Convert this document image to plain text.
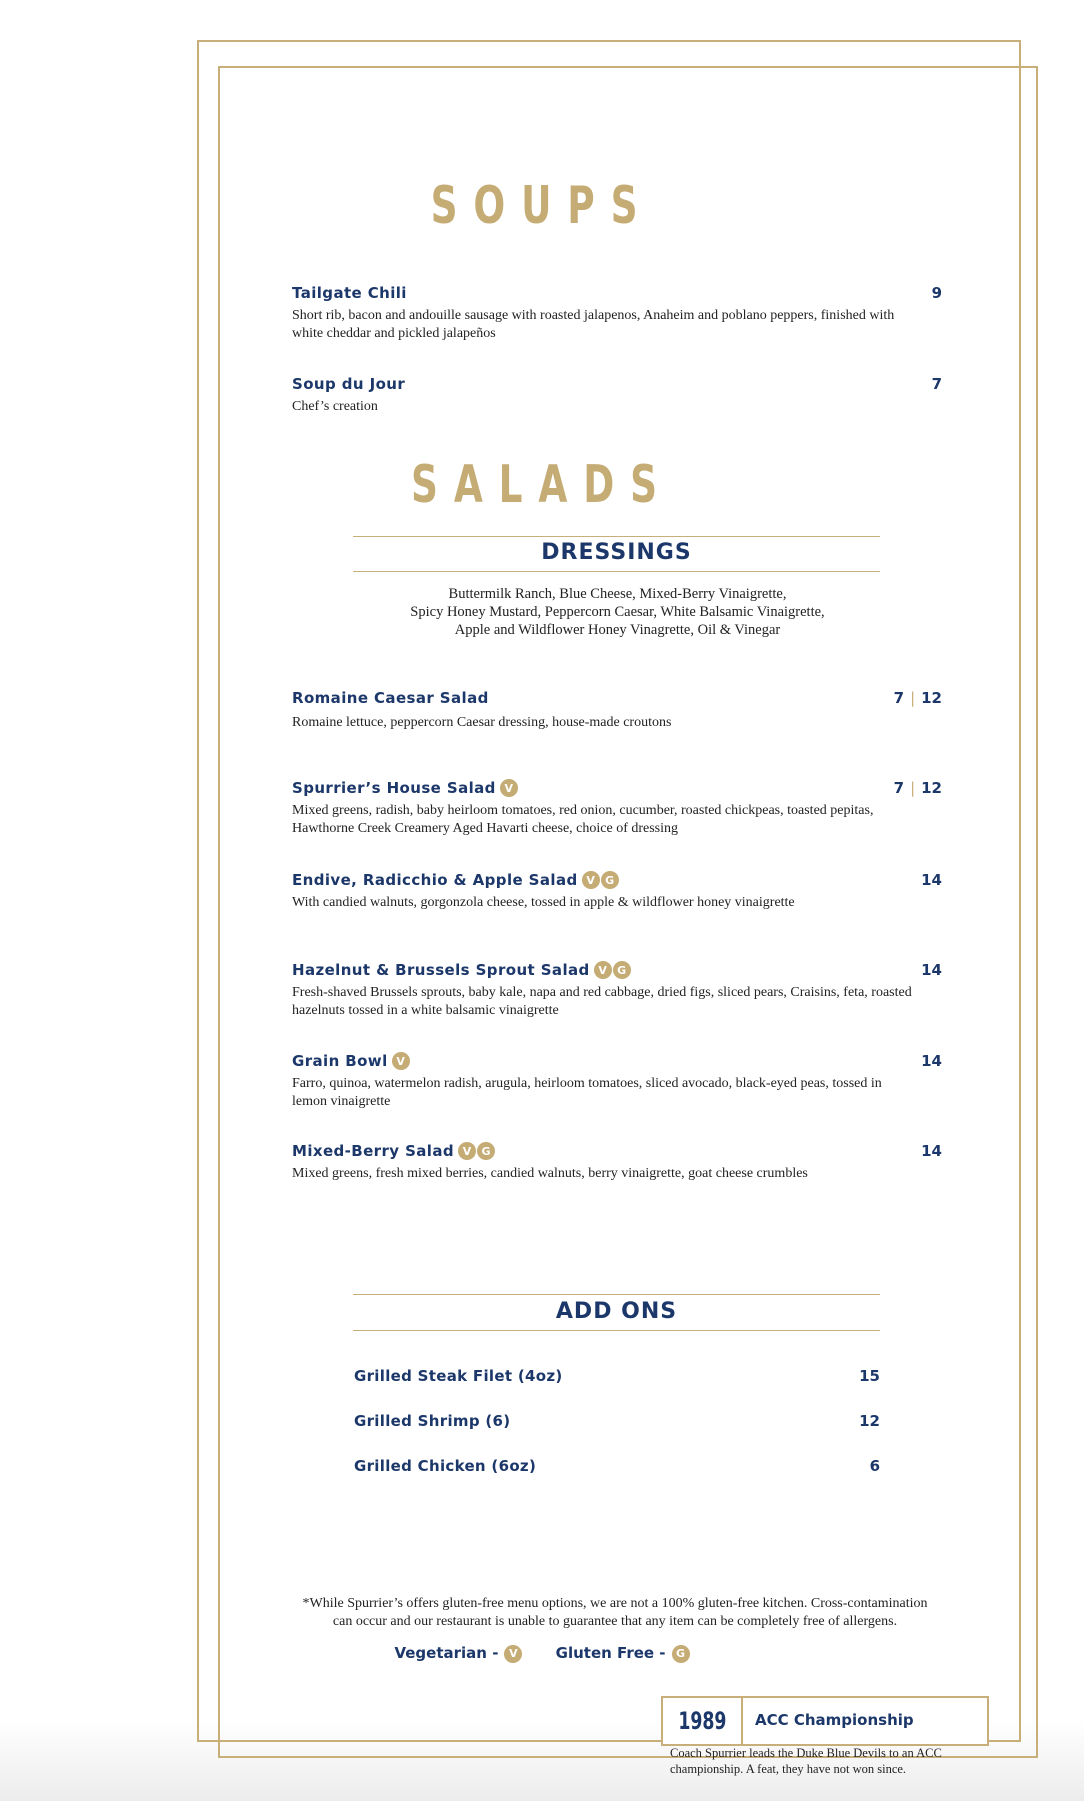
SOUPS
Tailgate Chili	9
Short rib, bacon and andouille sausage with roasted jalapenos, Anaheim and poblano peppers, finished with white cheddar and pickled jalapeños
Soup du Jour	7
Chef’s creation
SALADS
DRESSINGS
Buttermilk Ranch, Blue Cheese, Mixed-Berry Vinaigrette,
Spicy Honey Mustard, Peppercorn Caesar, White Balsamic Vinaigrette,
Apple and Wildflower Honey Vinagrette, Oil & Vinegar
Romaine Caesar Salad	7 | 12
Romaine lettuce, peppercorn Caesar dressing, house-made croutons
Spurrier’s House Salad V	7 | 12
Mixed greens, radish, baby heirloom tomatoes, red onion, cucumber, roasted chickpeas, toasted pepitas, Hawthorne Creek Creamery Aged Havarti cheese, choice of dressing
Endive, Radicchio & Apple Salad V G	14
With candied walnuts, gorgonzola cheese, tossed in apple & wildflower honey vinaigrette
Hazelnut & Brussels Sprout Salad V G	14
Fresh-shaved Brussels sprouts, baby kale, napa and red cabbage, dried figs, sliced pears, Craisins, feta, roasted hazelnuts tossed in a white balsamic vinaigrette
Grain Bowl V	14
Farro, quinoa, watermelon radish, arugula, heirloom tomatoes, sliced avocado, black-eyed peas, tossed in lemon vinaigrette
Mixed-Berry Salad V G	14
Mixed greens, fresh mixed berries, candied walnuts, berry vinaigrette, goat cheese crumbles
ADD ONS
Grilled Steak Filet (4oz)	15
Grilled Shrimp (6)	12
Grilled Chicken (6oz)	6
*While Spurrier’s offers gluten-free menu options, we are not a 100% gluten-free kitchen. Cross-contamination
can occur and our restaurant is unable to guarantee that any item can be completely free of allergens.
Vegetarian - V	Gluten Free - G
1989 ACC Championship
Coach Spurrier leads the Duke Blue Devils to an ACC
championship. A feat, they have not won since.
